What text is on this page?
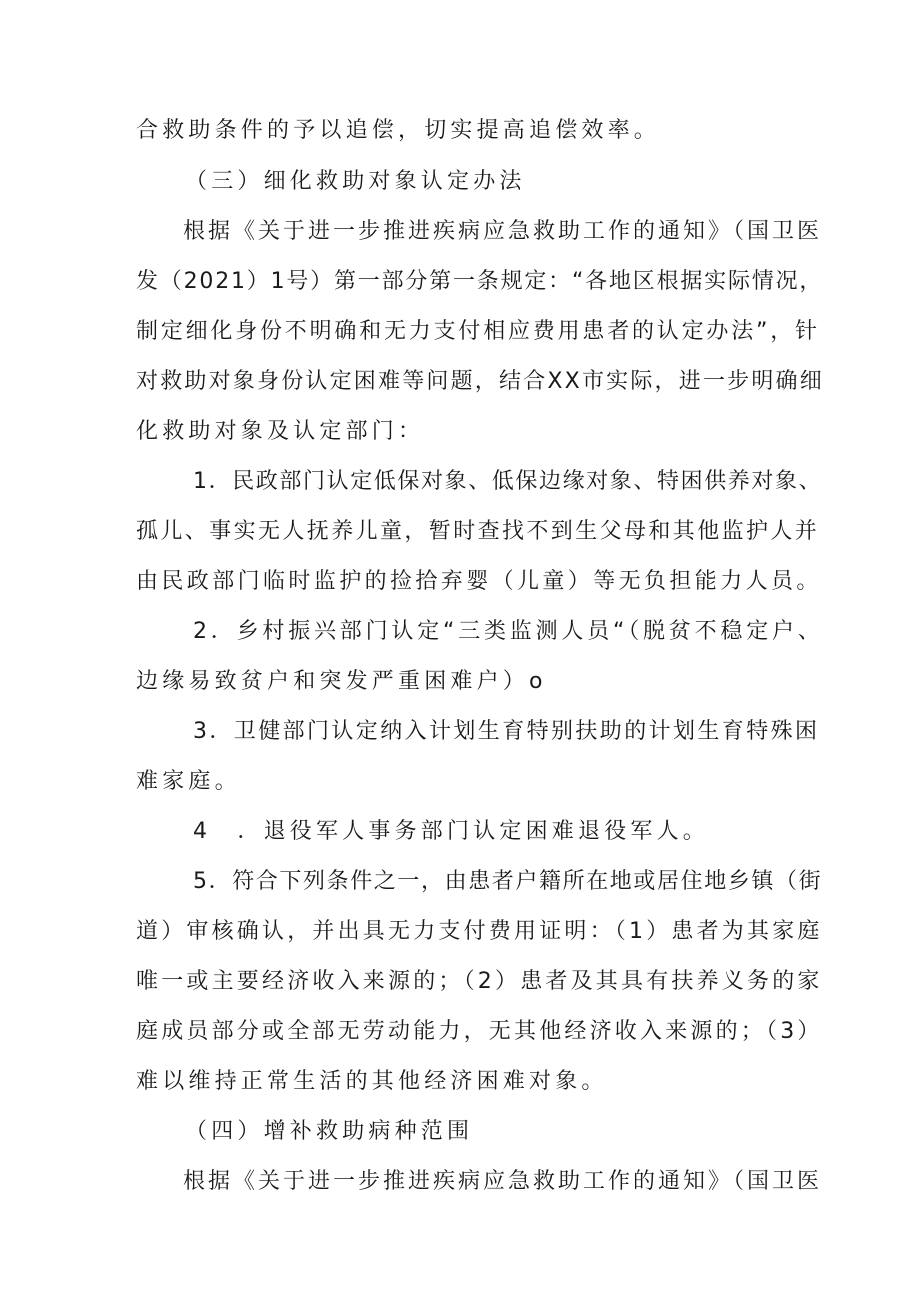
合救助条件的予以追偿，切实提高追偿效率。
（三）细化救助对象认定办法
根据《关于进一步推进疾病应急救助工作的通知》（国卫医
发（2021）1号）第一部分第一条规定：“各地区根据实际情况，
制定细化身份不明确和无力支付相应费用患者的认定办法”，针
对救助对象身份认定困难等问题，结合XX市实际，进一步明确细
化救助对象及认定部门：
1．民政部门认定低保对象、低保边缘对象、特困供养对象、
孤儿、事实无人抚养儿童，暂时查找不到生父母和其他监护人并
由民政部门临时监护的捡拾弃婴（儿童）等无负担能力人员。
2．乡村振兴部门认定“三类监测人员“（脱贫不稳定户、
边缘易致贫户和突发严重困难户）o
3．卫健部门认定纳入计划生育特别扶助的计划生育特殊困
难家庭。
4　．退役军人事务部门认定困难退役军人。
5．符合下列条件之一，由患者户籍所在地或居住地乡镇（街
道）审核确认，并出具无力支付费用证明：（1）患者为其家庭
唯一或主要经济收入来源的；（2）患者及其具有扶养义务的家
庭成员部分或全部无劳动能力，无其他经济收入来源的；（3）
难以维持正常生活的其他经济困难对象。
（四）增补救助病种范围
根据《关于进一步推进疾病应急救助工作的通知》（国卫医
